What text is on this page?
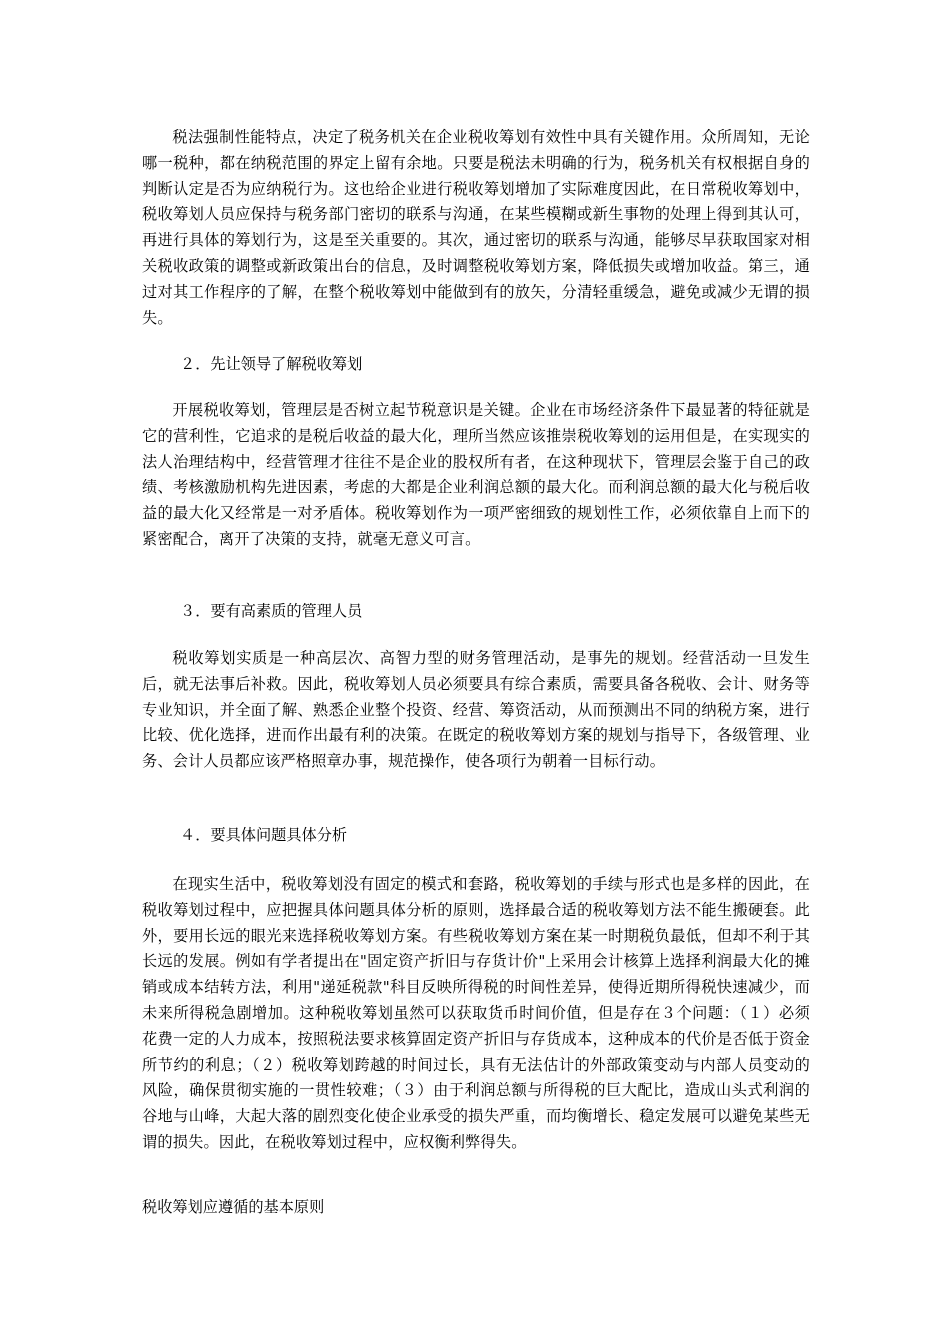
税法强制性能特点，决定了税务机关在企业税收筹划有效性中具有关键作用。众所周知，无论哪一税种，都在纳税范围的界定上留有余地。只要是税法未明确的行为，税务机关有权根据自身的判断认定是否为应纳税行为。这也给企业进行税收筹划增加了实际难度因此，在日常税收筹划中，税收筹划人员应保持与税务部门密切的联系与沟通，在某些模糊或新生事物的处理上得到其认可，再进行具体的筹划行为，这是至关重要的。其次，通过密切的联系与沟通，能够尽早获取国家对相关税收政策的调整或新政策出台的信息，及时调整税收筹划方案，降低损失或增加收益。第三，通过对其工作程序的了解，在整个税收筹划中能做到有的放矢，分清轻重缓急，避免或减少无谓的损失。

２．先让领导了解税收筹划

开展税收筹划，管理层是否树立起节税意识是关键。企业在市场经济条件下最显著的特征就是它的营利性，它追求的是税后收益的最大化，理所当然应该推崇税收筹划的运用但是，在实现实的法人治理结构中，经营管理才往往不是企业的股权所有者，在这种现状下，管理层会鉴于自己的政绩、考核激励机构先进因素，考虑的大都是企业利润总额的最大化。而利润总额的最大化与税后收益的最大化又经常是一对矛盾体。税收筹划作为一项严密细致的规划性工作，必须依靠自上而下的紧密配合，离开了决策的支持，就毫无意义可言。

３．要有高素质的管理人员

税收筹划实质是一种高层次、高智力型的财务管理活动，是事先的规划。经营活动一旦发生后，就无法事后补救。因此，税收筹划人员必须要具有综合素质，需要具备各税收、会计、财务等专业知识，并全面了解、熟悉企业整个投资、经营、筹资活动，从而预测出不同的纳税方案，进行比较、优化选择，进而作出最有利的决策。在既定的税收筹划方案的规划与指导下，各级管理、业务、会计人员都应该严格照章办事，规范操作，使各项行为朝着一目标行动。

４．要具体问题具体分析

在现实生活中，税收筹划没有固定的模式和套路，税收筹划的手续与形式也是多样的因此，在税收筹划过程中，应把握具体问题具体分析的原则，选择最合适的税收筹划方法不能生搬硬套。此外，要用长远的眼光来选择税收筹划方案。有些税收筹划方案在某一时期税负最低，但却不利于其长远的发展。例如有学者提出在"固定资产折旧与存货计价"上采用会计核算上选择利润最大化的摊销或成本结转方法，利用"递延税款"科目反映所得税的时间性差异，使得近期所得税快速减少，而未来所得税急剧增加。这种税收筹划虽然可以获取货币时间价值，但是存在３个问题：（１）必须花费一定的人力成本，按照税法要求核算固定资产折旧与存货成本，这种成本的代价是否低于资金所节约的利息；（２）税收筹划跨越的时间过长，具有无法估计的外部政策变动与内部人员变动的风险，确保贯彻实施的一贯性较难；（３）由于利润总额与所得税的巨大配比，造成山头式利润的谷地与山峰，大起大落的剧烈变化使企业承受的损失严重，而均衡增长、稳定发展可以避免某些无谓的损失。因此，在税收筹划过程中，应权衡利弊得失。

税收筹划应遵循的基本原则
